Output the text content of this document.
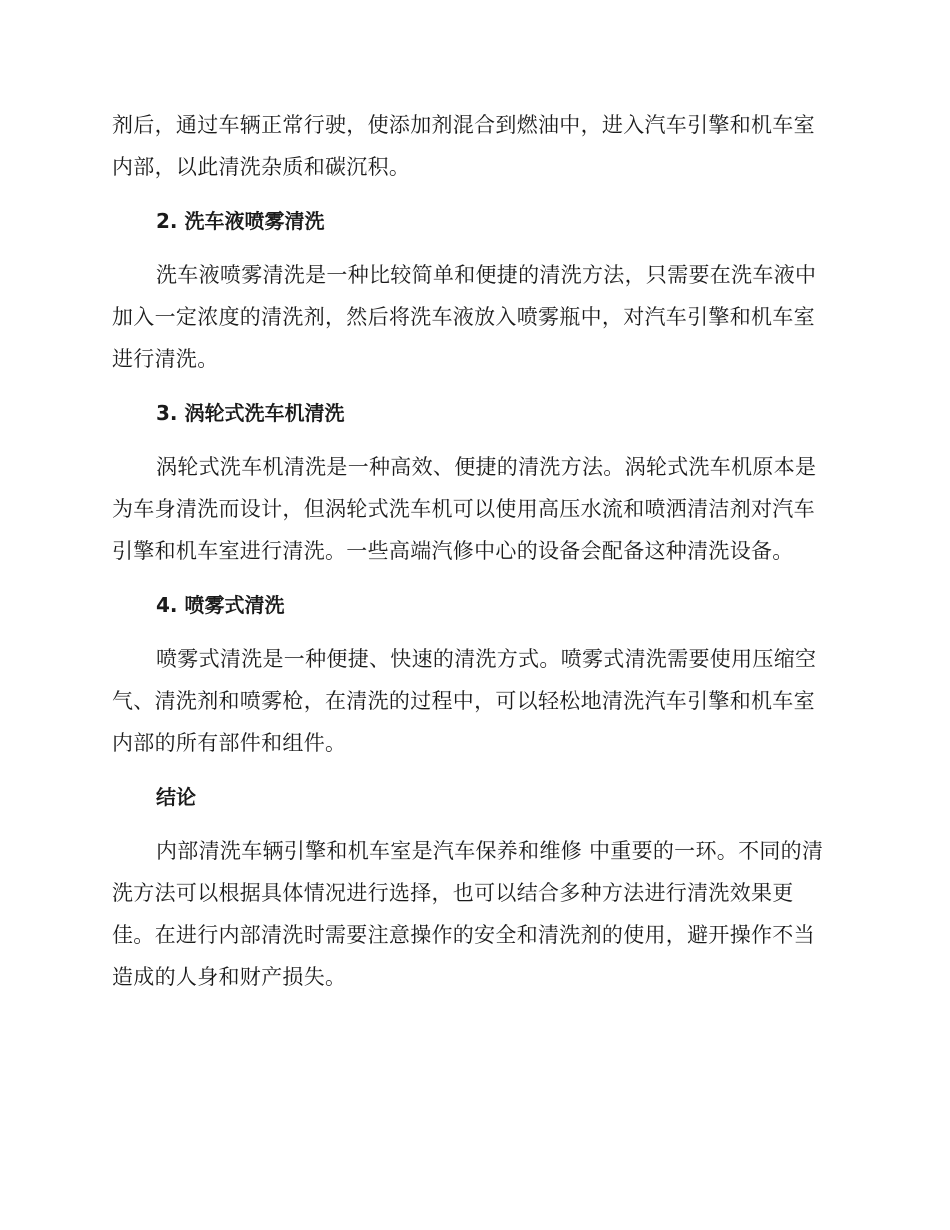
剂后，通过车辆正常行驶，使添加剂混合到燃油中，进入汽车引擎和机车室内部，以此清洗杂质和碳沉积。

2. 洗车液喷雾清洗

洗车液喷雾清洗是一种比较简单和便捷的清洗方法，只需要在洗车液中加入一定浓度的清洗剂，然后将洗车液放入喷雾瓶中，对汽车引擎和机车室进行清洗。

3. 涡轮式洗车机清洗

涡轮式洗车机清洗是一种高效、便捷的清洗方法。涡轮式洗车机原本是为车身清洗而设计，但涡轮式洗车机可以使用高压水流和喷洒清洁剂对汽车引擎和机车室进行清洗。一些高端汽修中心的设备会配备这种清洗设备。

4. 喷雾式清洗

喷雾式清洗是一种便捷、快速的清洗方式。喷雾式清洗需要使用压缩空气、清洗剂和喷雾枪，在清洗的过程中，可以轻松地清洗汽车引擎和机车室内部的所有部件和组件。

结论

内部清洗车辆引擎和机车室是汽车保养和维修 中重要的一环。不同的清洗方法可以根据具体情况进行选择，也可以结合多种方法进行清洗效果更佳。在进行内部清洗时需要注意操作的安全和清洗剂的使用，避开操作不当造成的人身和财产损失。
